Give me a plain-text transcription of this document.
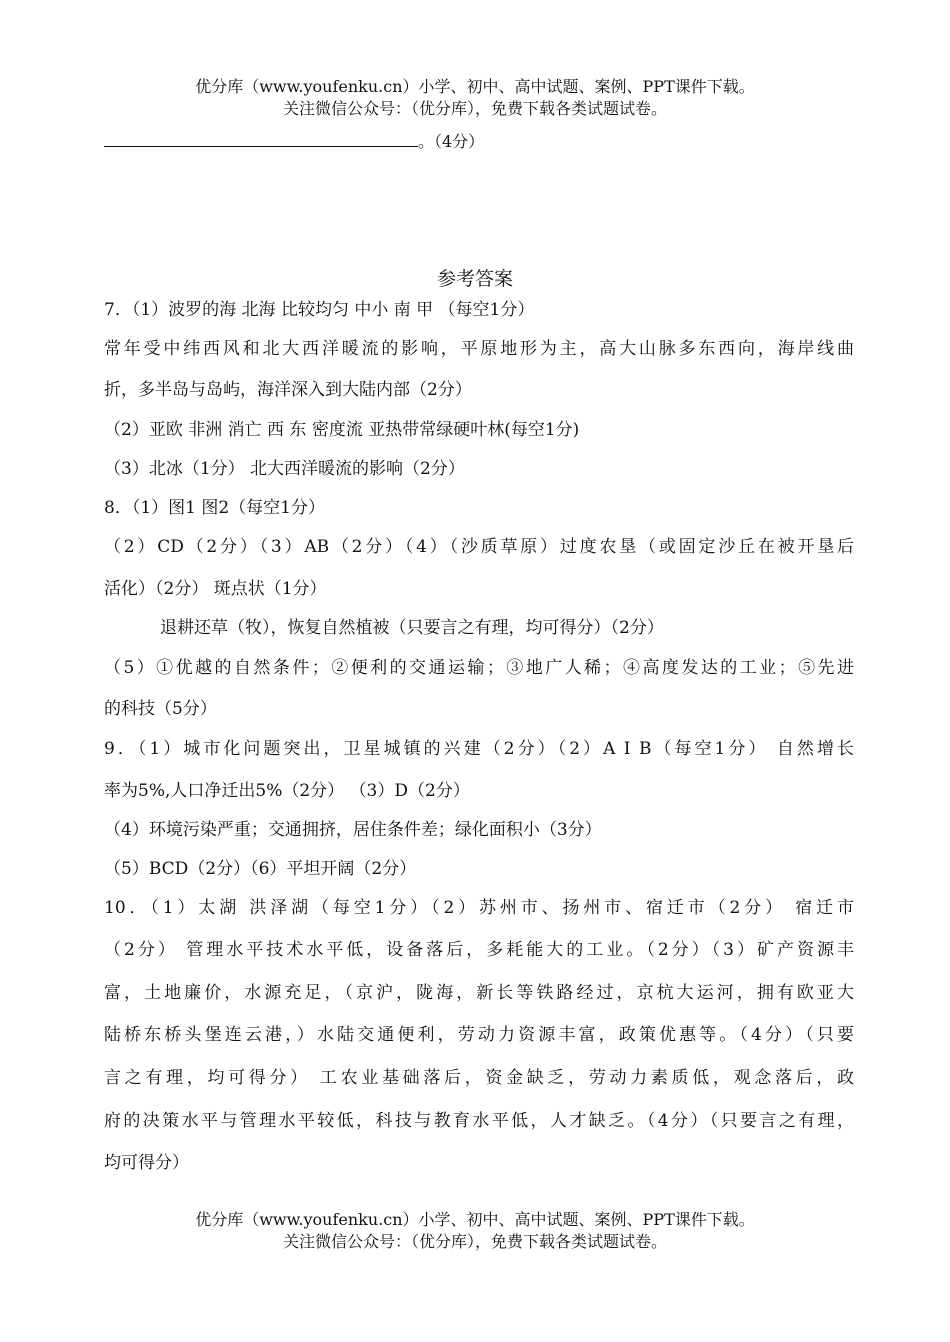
优分库（www.youfenku.cn）小学、初中、高中试题、案例、PPT课件下载。
关注微信公众号：（优分库），免费下载各类试题试卷。
。（4分）
参考答案
7．（1）波罗的海 北海 比较均匀 中小 南 甲 （每空1分）
常年受中纬西风和北大西洋暖流的影响，平原地形为主，高大山脉多东西向，海岸线曲
折，多半岛与岛屿，海洋深入到大陆内部（2分）
（2）亚欧 非洲 消亡 西 东 密度流 亚热带常绿硬叶林(每空1分)
（3）北冰（1分） 北大西洋暖流的影响（2分）
8．（1）图1 图2（每空1分）
（2）CD（2分）（3）AB（2分）（4）（沙质草原）过度农垦（或固定沙丘在被开垦后
活化）（2分） 斑点状（1分）
退耕还草（牧），恢复自然植被（只要言之有理，均可得分）（2分）
（5）①优越的自然条件；②便利的交通运输；③地广人稀；④高度发达的工业；⑤先进
的科技（5分）
9．（1）城市化问题突出，卫星城镇的兴建（2分）（2）A I B（每空1分） 自然增长
率为5%,人口净迁出5%（2分） （3）D（2分）
（4）环境污染严重；交通拥挤，居住条件差；绿化面积小（3分）
（5）BCD（2分）（6）平坦开阔（2分）
10．（1）太湖 洪泽湖（每空1分）（2）苏州市、扬州市、宿迁市（2分） 宿迁市
（2分） 管理水平技术水平低，设备落后，多耗能大的工业。（2分）（3）矿产资源丰
富，土地廉价，水源充足，（京沪，陇海，新长等铁路经过，京杭大运河，拥有欧亚大
陆桥东桥头堡连云港，）水陆交通便利，劳动力资源丰富，政策优惠等。（4分）（只要
言之有理，均可得分） 工农业基础落后，资金缺乏，劳动力素质低，观念落后，政
府的决策水平与管理水平较低，科技与教育水平低，人才缺乏。（4分）（只要言之有理，
均可得分）
优分库（www.youfenku.cn）小学、初中、高中试题、案例、PPT课件下载。
关注微信公众号：（优分库），免费下载各类试题试卷。
